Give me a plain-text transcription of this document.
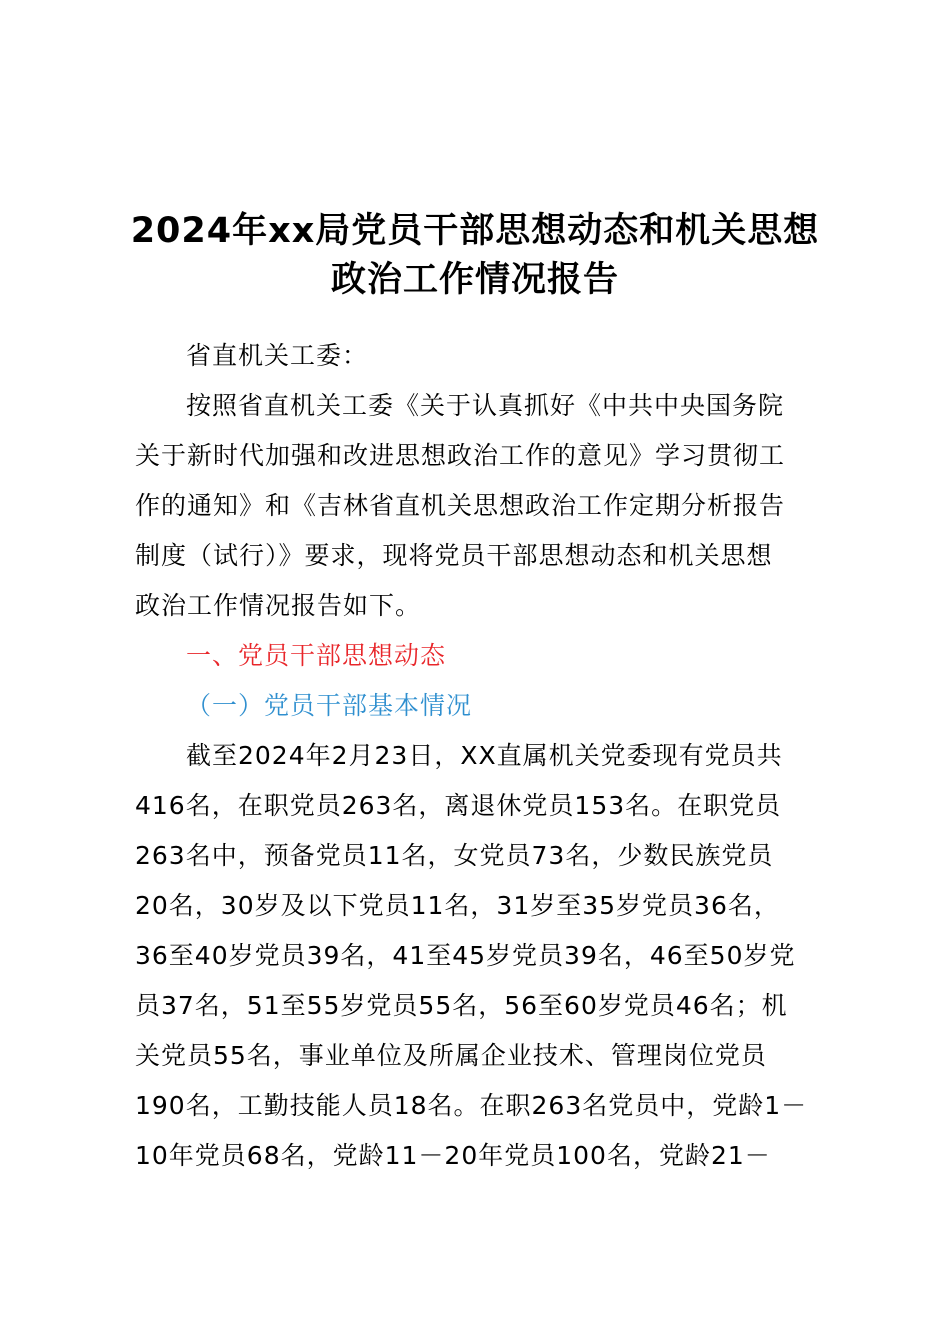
2024年xx局党员干部思想动态和机关思想
政治工作情况报告
省直机关工委：
按照省直机关工委《关于认真抓好《中共中央国务院
关于新时代加强和改进思想政治工作的意见》学习贯彻工
作的通知》和《吉林省直机关思想政治工作定期分析报告
制度（试行）》要求，现将党员干部思想动态和机关思想
政治工作情况报告如下。
一、党员干部思想动态
（一）党员干部基本情况
截至2024年2月23日，XX直属机关党委现有党员共
416名，在职党员263名，离退休党员153名。在职党员
263名中，预备党员11名，女党员73名，少数民族党员
20名，30岁及以下党员11名，31岁至35岁党员36名，
36至40岁党员39名，41至45岁党员39名，46至50岁党
员37名，51至55岁党员55名，56至60岁党员46名；机
关党员55名，事业单位及所属企业技术、管理岗位党员
190名，工勤技能人员18名。在职263名党员中，党龄1－
10年党员68名，党龄11－20年党员100名，党龄21－
